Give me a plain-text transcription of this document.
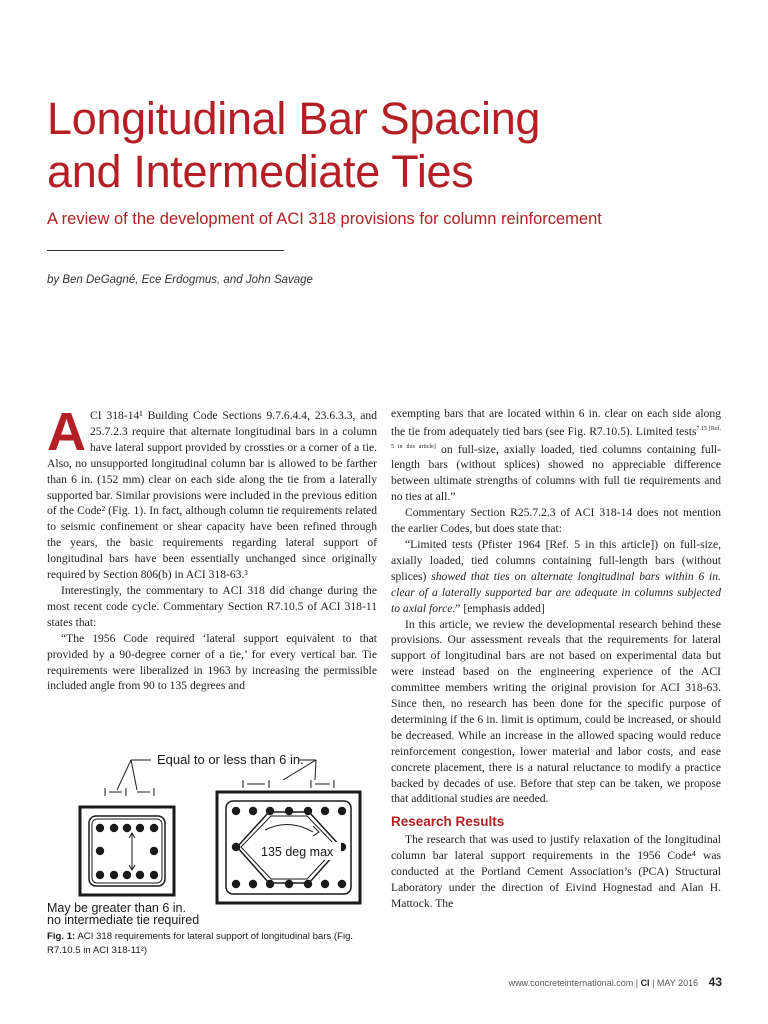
Longitudinal Bar Spacing
and Intermediate Ties
A review of the development of ACI 318 provisions for column reinforcement
by Ben DeGagné, Ece Erdogmus, and John Savage

ACI 318-14¹ Building Code Sections 9.7.6.4.4, 23.6.3.3, and 25.7.2.3 require that alternate longitudinal bars in a column have lateral support provided by crossties or a corner of a tie. Also, no unsupported longitudinal column bar is allowed to be farther than 6 in. (152 mm) clear on each side along the tie from a laterally supported bar. Similar provisions were included in the previous edition of the Code² (Fig. 1). In fact, although column tie requirements related to seismic confinement or shear capacity have been refined through the years, the basic requirements regarding lateral support of longitudinal bars have been essentially unchanged since originally required by Section 806(b) in ACI 318-63.³

Interestingly, the commentary to ACI 318 did change during the most recent code cycle. Commentary Section R7.10.5 of ACI 318-11 states that:

“The 1956 Code required ‘lateral support equivalent to that provided by a 90-degree corner of a tie,’ for every vertical bar. Tie requirements were liberalized in 1963 by increasing the permissible included angle from 90 to 135 degrees and

exempting bars that are located within 6 in. clear on each side along the tie from adequately tied bars (see Fig. R7.10.5). Limited tests$^{7.15 [Ref. 5 in this article]}$ on full-size, axially loaded, tied columns containing full-length bars (without splices) showed no appreciable difference between ultimate strengths of columns with full tie requirements and no ties at all.”

Commentary Section R25.7.2.3 of ACI 318-14 does not mention the earlier Codes, but does state that:

“Limited tests (Pfister 1964 [Ref. 5 in this article]) on full-size, axially loaded, tied columns containing full-length bars (without splices) showed that ties on alternate longitudinal bars within 6 in. clear of a laterally supported bar are adequate in columns subjected to axial force.” [emphasis added]

In this article, we review the developmental research behind these provisions. Our assessment reveals that the requirements for lateral support of longitudinal bars are not based on experimental data but were instead based on the engineering experience of the ACI committee members writing the original provision for ACI 318-63. Since then, no research has been done for the specific purpose of determining if the 6 in. limit is optimum, could be increased, or should be decreased. While an increase in the allowed spacing would reduce reinforcement congestion, lower material and labor costs, and ease concrete placement, there is a natural reluctance to modify a practice backed by decades of use. Before that step can be taken, we propose that additional studies are needed.

Research Results

The research that was used to justify relaxation of the longitudinal column bar lateral support requirements in the 1956 Code⁴ was conducted at the Portland Cement Association’s (PCA) Structural Laboratory under the direction of Eivind Hognestad and Alan H. Mattock. The

Equal to or less than 6 in.
135 deg max
May be greater than 6 in.
no intermediate tie required
Fig. 1: ACI 318 requirements for lateral support of longitudinal bars (Fig. R7.10.5 in ACI 318-11²)
www.concreteinternational.com | CI | MAY 2016 43
